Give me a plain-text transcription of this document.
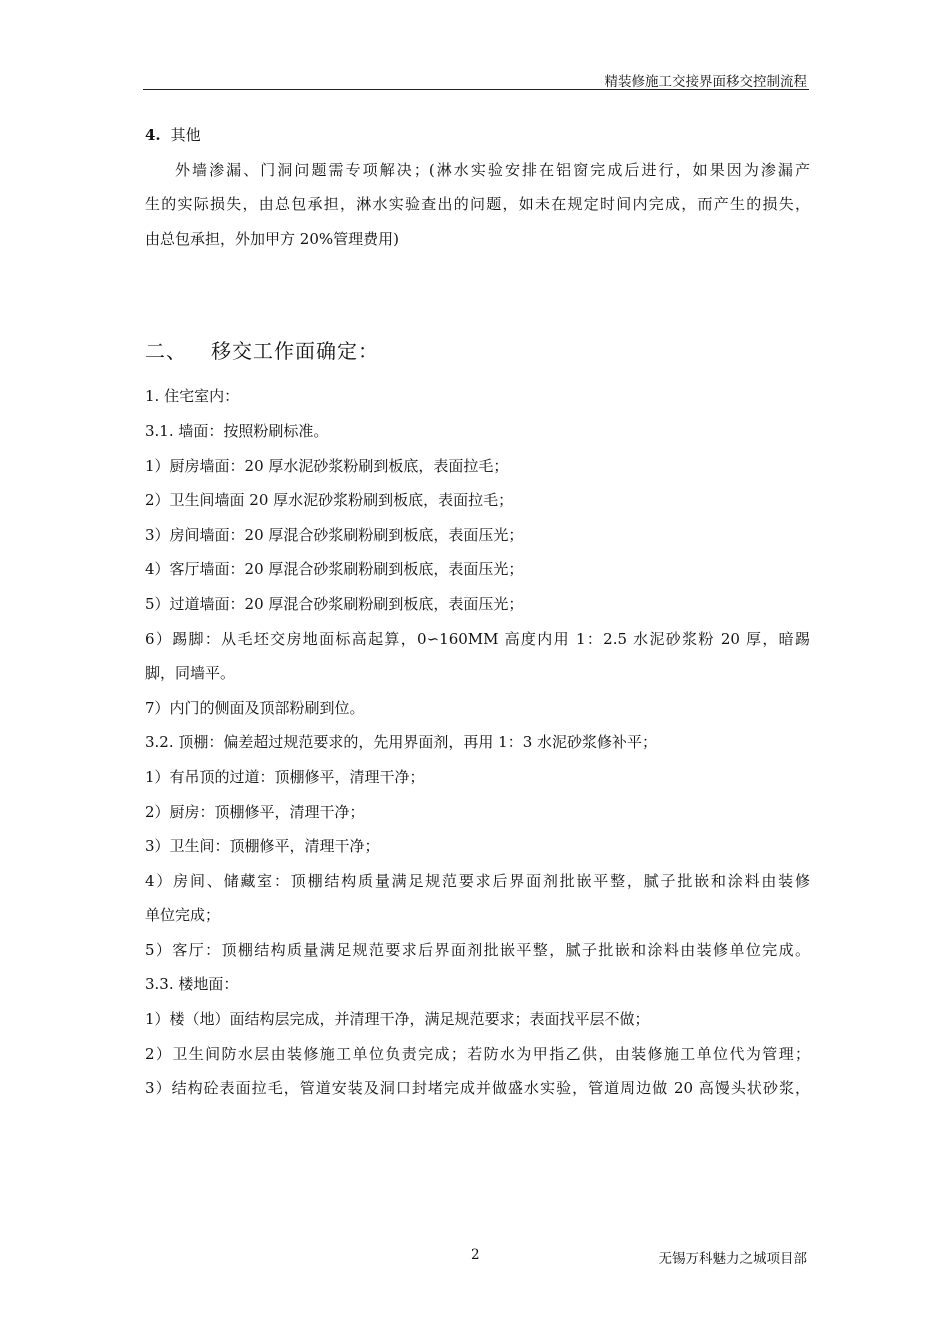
精装修施工交接界面移交控制流程
4. 其他
外墙渗漏、门洞问题需专项解决；(淋水实验安排在铝窗完成后进行，如果因为渗漏产
生的实际损失，由总包承担，淋水实验查出的问题，如未在规定时间内完成，而产生的损失，
由总包承担，外加甲方 20%管理费用)
二、 移交工作面确定：
1. 住宅室内：
3.1. 墙面：按照粉刷标准。
1）厨房墙面：20 厚水泥砂浆粉刷到板底，表面拉毛；
2）卫生间墙面 20 厚水泥砂浆粉刷到板底，表面拉毛；
3）房间墙面：20 厚混合砂浆刷粉刷到板底，表面压光；
4）客厅墙面：20 厚混合砂浆刷粉刷到板底，表面压光；
5）过道墙面：20 厚混合砂浆刷粉刷到板底，表面压光；
6）踢脚：从毛坯交房地面标高起算，0∽160MM 高度内用 1：2.5 水泥砂浆粉 20 厚，暗踢
脚，同墙平。
7）内门的侧面及顶部粉刷到位。
3.2. 顶棚：偏差超过规范要求的，先用界面剂，再用 1：3 水泥砂浆修补平；
1）有吊顶的过道：顶棚修平，清理干净；
2）厨房：顶棚修平，清理干净；
3）卫生间：顶棚修平，清理干净；
4）房间、储藏室：顶棚结构质量满足规范要求后界面剂批嵌平整，腻子批嵌和涂料由装修
单位完成；
5）客厅：顶棚结构质量满足规范要求后界面剂批嵌平整，腻子批嵌和涂料由装修单位完成。
3.3. 楼地面：
1）楼（地）面结构层完成，并清理干净，满足规范要求；表面找平层不做；
2）卫生间防水层由装修施工单位负责完成；若防水为甲指乙供，由装修施工单位代为管理；
3）结构砼表面拉毛，管道安装及洞口封堵完成并做盛水实验，管道周边做 20 高馒头状砂浆，
2	无锡万科魅力之城项目部
